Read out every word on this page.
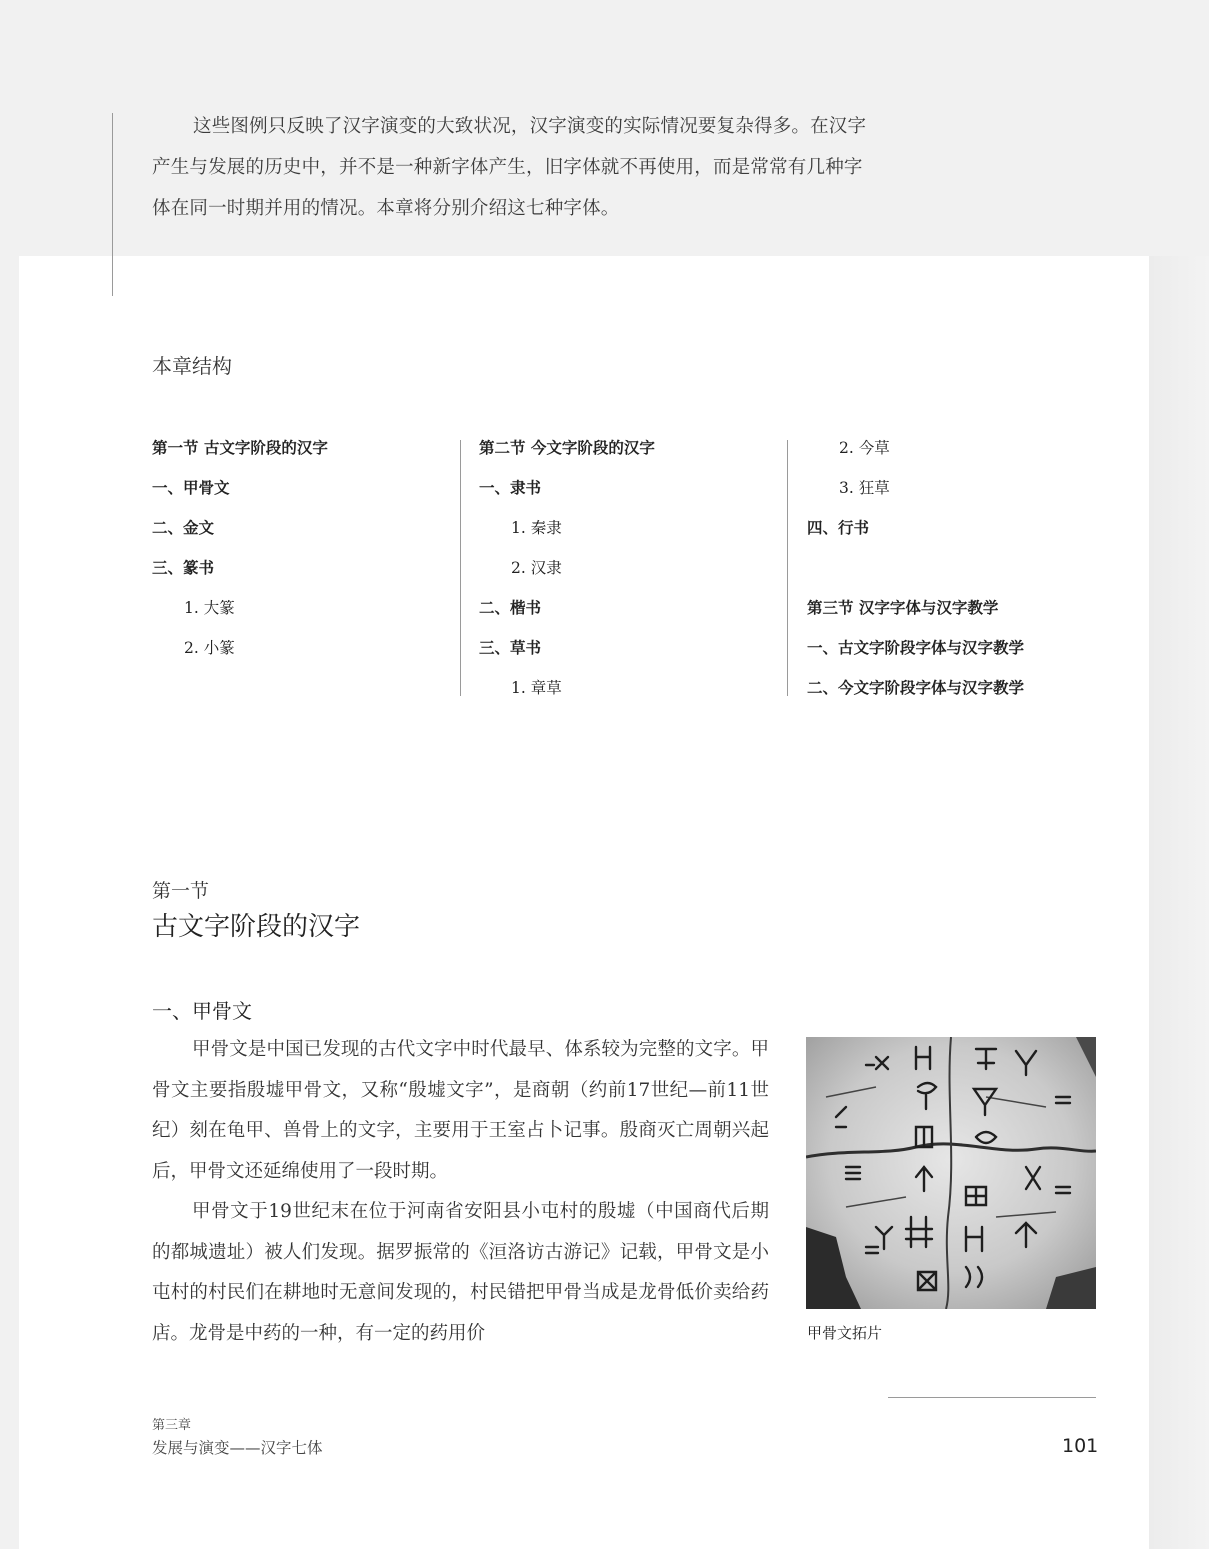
这些图例只反映了汉字演变的大致状况，汉字演变的实际情况要复杂得多。在汉字产生与发展的历史中，并不是一种新字体产生，旧字体就不再使用，而是常常有几种字体在同一时期并用的情况。本章将分别介绍这七种字体。

本章结构
第一节 古文字阶段的汉字
一、甲骨文
二、金文
三、篆书
1. 大篆
2. 小篆
第二节 今文字阶段的汉字
一、隶书
1. 秦隶
2. 汉隶
二、楷书
三、草书
1. 章草
2. 今草
3. 狂草
四、行书
第三节 汉字字体与汉字教学
一、古文字阶段字体与汉字教学
二、今文字阶段字体与汉字教学
第一节
古文字阶段的汉字
一、甲骨文

甲骨文是中国已发现的古代文字中时代最早、体系较为完整的文字。甲骨文主要指殷墟甲骨文，又称“殷墟文字”，是商朝（约前17世纪—前11世纪）刻在龟甲、兽骨上的文字，主要用于王室占卜记事。殷商灭亡周朝兴起后，甲骨文还延绵使用了一段时期。

甲骨文于19世纪末在位于河南省安阳县小屯村的殷墟（中国商代后期的都城遗址）被人们发现。据罗振常的《洹洛访古游记》记载，甲骨文是小屯村的村民们在耕地时无意间发现的，村民错把甲骨当成是龙骨低价卖给药店。龙骨是中药的一种，有一定的药用价	甲骨文拓片
第三章
发展与演变——汉字七体	101
